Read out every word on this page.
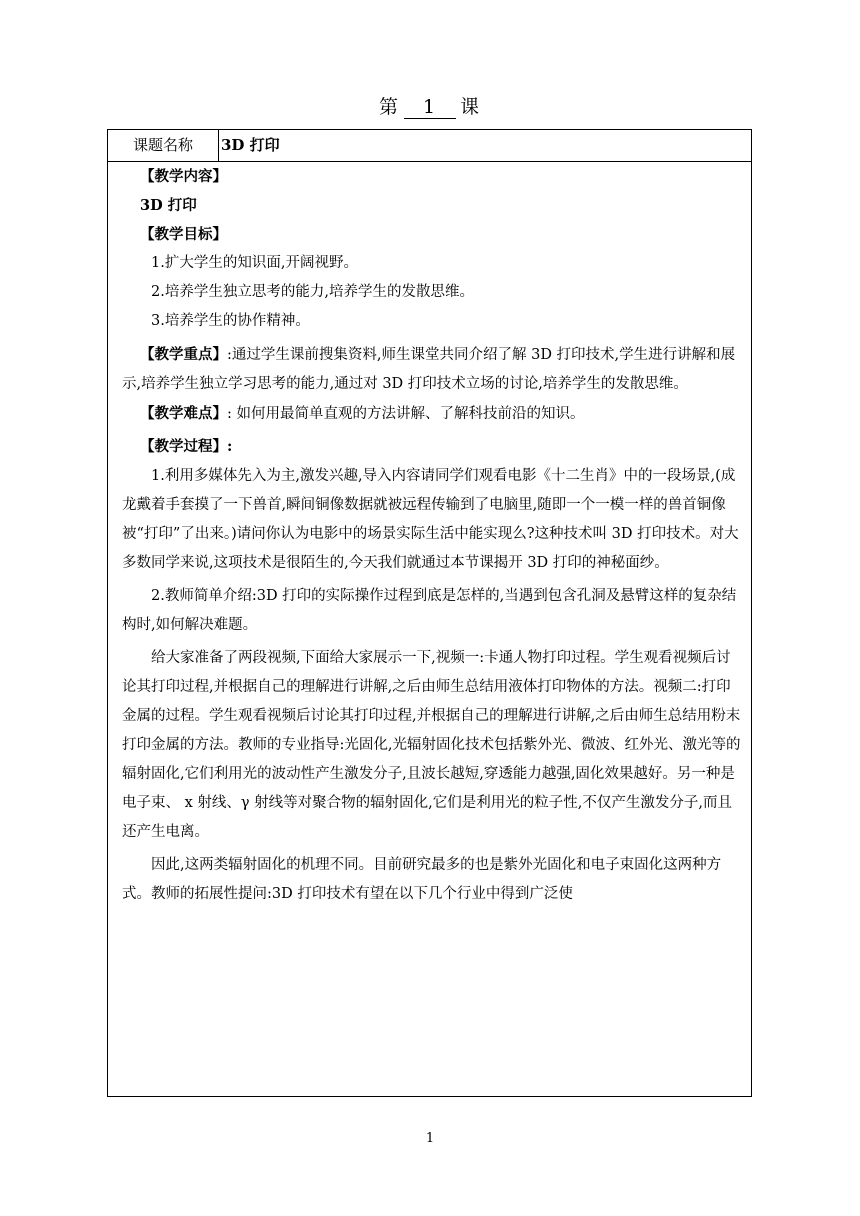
第 1 课
课题名称	3D 打印

【教学内容】

3D 打印

【教学目标】

1.扩大学生的知识面,开阔视野。

2.培养学生独立思考的能力,培养学生的发散思维。

3.培养学生的协作精神。

【教学重点】:通过学生课前搜集资料,师生课堂共同介绍了解 3D 打印技术,学生进行讲解和展示,培养学生独立学习思考的能力,通过对 3D 打印技术立场的讨论,培养学生的发散思维。

【教学难点】: 如何用最简单直观的方法讲解、了解科技前沿的知识。

【教学过程】:

1.利用多媒体先入为主,激发兴趣,导入内容请同学们观看电影《十二生肖》中的一段场景,(成龙戴着手套摸了一下兽首,瞬间铜像数据就被远程传输到了电脑里,随即一个一模一样的兽首铜像被“打印”了出来。)请问你认为电影中的场景实际生活中能实现么?这种技术叫 3D 打印技术。对大多数同学来说,这项技术是很陌生的,今天我们就通过本节课揭开 3D 打印的神秘面纱。

2.教师简单介绍:3D 打印的实际操作过程到底是怎样的,当遇到包含孔洞及悬臂这样的复杂结构时,如何解决难题。

给大家准备了两段视频,下面给大家展示一下,视频一:卡通人物打印过程。学生观看视频后讨论其打印过程,并根据自己的理解进行讲解,之后由师生总结用液体打印物体的方法。视频二:打印金属的过程。学生观看视频后讨论其打印过程,并根据自己的理解进行讲解,之后由师生总结用粉末打印金属的方法。教师的专业指导:光固化,光辐射固化技术包括紫外光、微波、红外光、激光等的辐射固化,它们利用光的波动性产生激发分子,且波长越短,穿透能力越强,固化效果越好。另一种是电子束、 x 射线、γ 射线等对聚合物的辐射固化,它们是利用光的粒子性,不仅产生激发分子,而且还产生电离。

因此,这两类辐射固化的机理不同。目前研究最多的也是紫外光固化和电子束固化这两种方式。教师的拓展性提问:3D 打印技术有望在以下几个行业中得到广泛使

1
